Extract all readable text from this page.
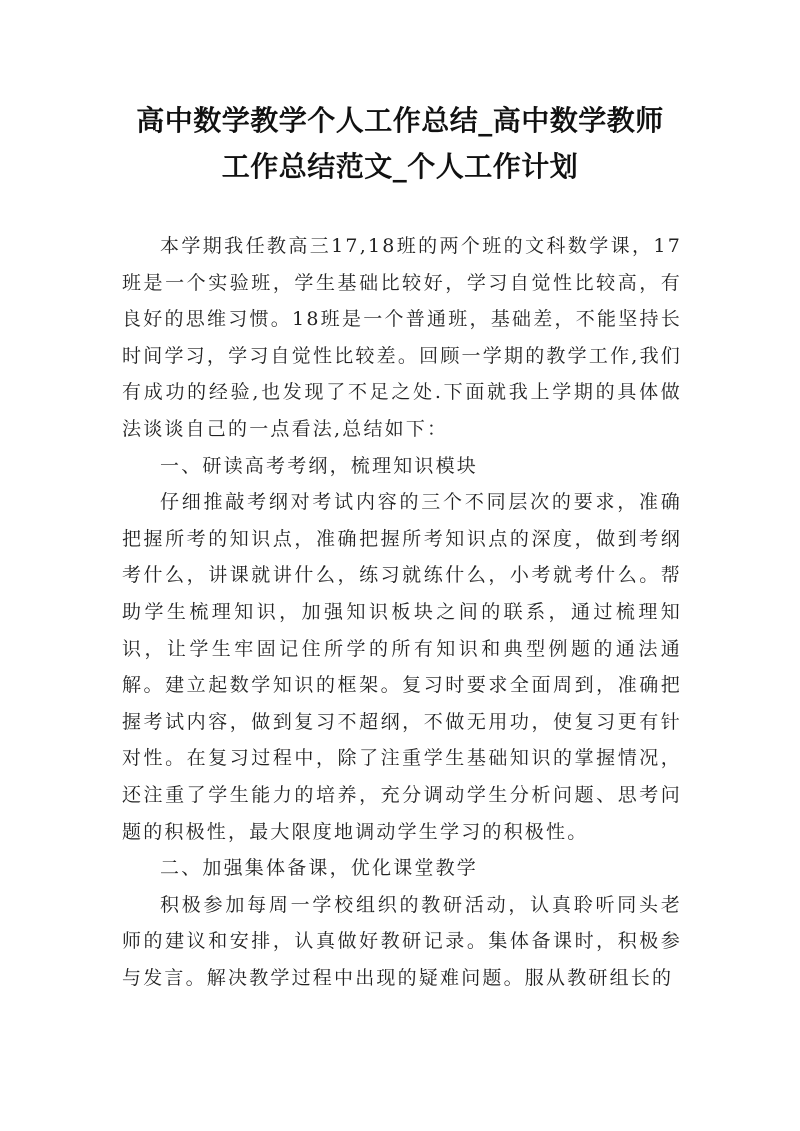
高中数学教学个人工作总结_高中数学教师
工作总结范文_个人工作计划

本学期我任教高三17,18班的两个班的文科数学课，17班是一个实验班，学生基础比较好，学习自觉性比较高，有良好的思维习惯。18班是一个普通班，基础差，不能坚持长时间学习，学习自觉性比较差。回顾一学期的教学工作,我们有成功的经验,也发现了不足之处.下面就我上学期的具体做法谈谈自己的一点看法,总结如下：

一、研读高考考纲，梳理知识模块

仔细推敲考纲对考试内容的三个不同层次的要求，准确把握所考的知识点，准确把握所考知识点的深度，做到考纲考什么，讲课就讲什么，练习就练什么，小考就考什么。帮助学生梳理知识，加强知识板块之间的联系，通过梳理知识，让学生牢固记住所学的所有知识和典型例题的通法通解。建立起数学知识的框架。复习时要求全面周到，准确把握考试内容，做到复习不超纲，不做无用功，使复习更有针对性。在复习过程中，除了注重学生基础知识的掌握情况，还注重了学生能力的培养，充分调动学生分析问题、思考问题的积极性，最大限度地调动学生学习的积极性。

二、加强集体备课，优化课堂教学

积极参加每周一学校组织的教研活动，认真聆听同头老师的建议和安排，认真做好教研记录。集体备课时，积极参与发言。解决教学过程中出现的疑难问题。服从教研组长的
